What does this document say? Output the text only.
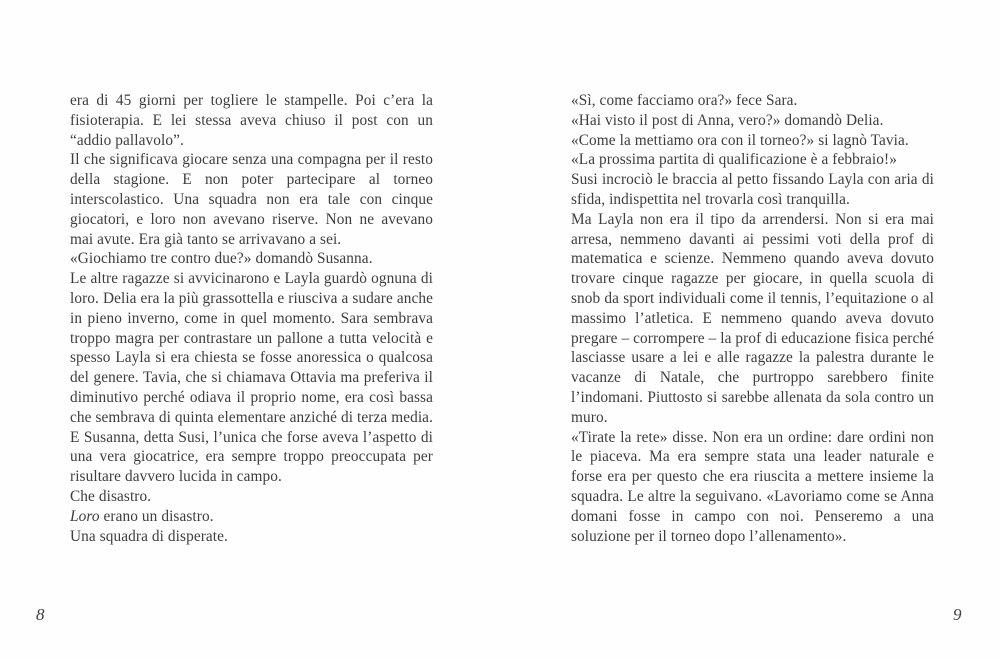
era di 45 giorni per togliere le stampelle. Poi c’era la fisioterapia. E lei stessa aveva chiuso il post con un “addio pallavolo”.

Il che significava giocare senza una compagna per il resto della stagione. E non poter partecipare al torneo interscolastico. Una squadra non era tale con cinque giocatori, e loro non avevano riserve. Non ne avevano mai avute. Era già tanto se arrivavano a sei.

«Giochiamo tre contro due?» domandò Susanna.

Le altre ragazze si avvicinarono e Layla guardò ognuna di loro. Delia era la più grassottella e riusciva a sudare anche in pieno inverno, come in quel momento. Sara sembrava troppo magra per contrastare un pallone a tutta velocità e spesso Layla si era chiesta se fosse anoressica o qualcosa del genere. Tavia, che si chiamava Ottavia ma preferiva il diminutivo perché odiava il proprio nome, era così bassa che sembrava di quinta elementare anziché di terza media. E Susanna, detta Susi, l’unica che forse aveva l’aspetto di una vera giocatrice, era sempre troppo preoccupata per risultare davvero lucida in campo.

Che disastro.

Loro erano un disastro.

Una squadra di disperate.

«Sì, come facciamo ora?» fece Sara.

«Hai visto il post di Anna, vero?» domandò Delia.

«Come la mettiamo ora con il torneo?» si lagnò Tavia.

«La prossima partita di qualificazione è a febbraio!»

Susi incrociò le braccia al petto fissando Layla con aria di sfida, indispettita nel trovarla così tranquilla.

Ma Layla non era il tipo da arrendersi. Non si era mai arresa, nemmeno davanti ai pessimi voti della prof di matematica e scienze. Nemmeno quando aveva dovuto trovare cinque ragazze per giocare, in quella scuola di snob da sport individuali come il tennis, l’equitazione o al massimo l’atletica. E nemmeno quando aveva dovuto pregare – corrompere – la prof di educazione fisica perché lasciasse usare a lei e alle ragazze la palestra durante le vacanze di Natale, che purtroppo sarebbero finite l’indomani. Piuttosto si sarebbe allenata da sola contro un muro.

«Tirate la rete» disse. Non era un ordine: dare ordini non le piaceva. Ma era sempre stata una leader naturale e forse era per questo che era riuscita a mettere insieme la squadra. Le altre la seguivano. «Lavoriamo come se Anna domani fosse in campo con noi. Penseremo a una soluzione per il torneo dopo l’allenamento».

8	9
